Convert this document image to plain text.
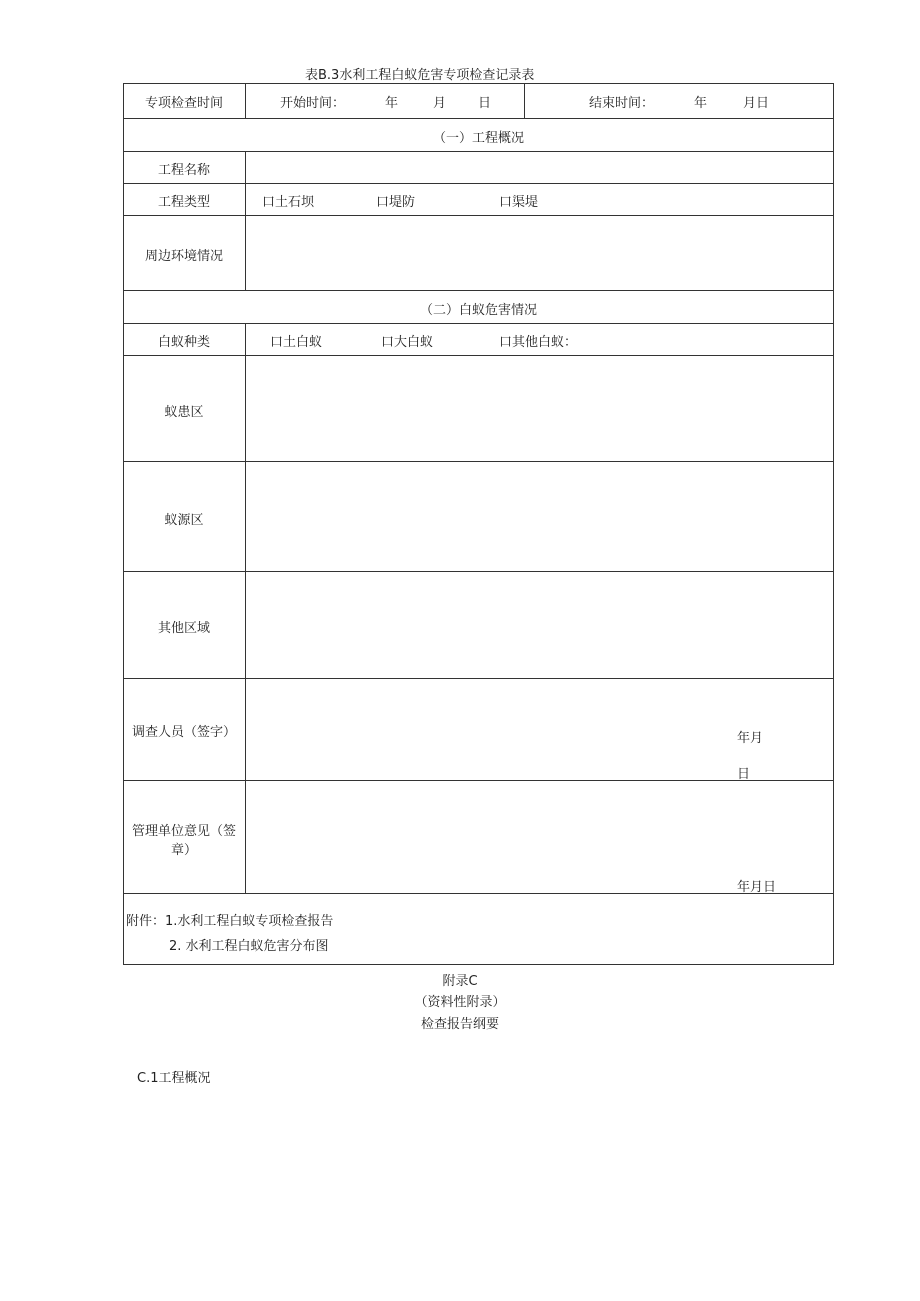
表B.3水利工程白蚁危害专项检查记录表
专项检查时间	开始时间：	年	月 日	结束时间：	年	月日
（一）工程概况
工程名称
工程类型	口土石坝	口堤防	口渠堤
周边环境情况
（二）白蚁危害情况
白蚁种类	口土白蚁	口大白蚁	口其他白蚁：
蚁患区
蚁源区
其他区域
调查人员（签字）	年月
日
管理单位意见（签
章）
年月日
附件：1.水利工程白蚁专项检查报告
2. 水利工程白蚁危害分布图
附录C
（资料性附录）
检查报告纲要
C.1工程概况
